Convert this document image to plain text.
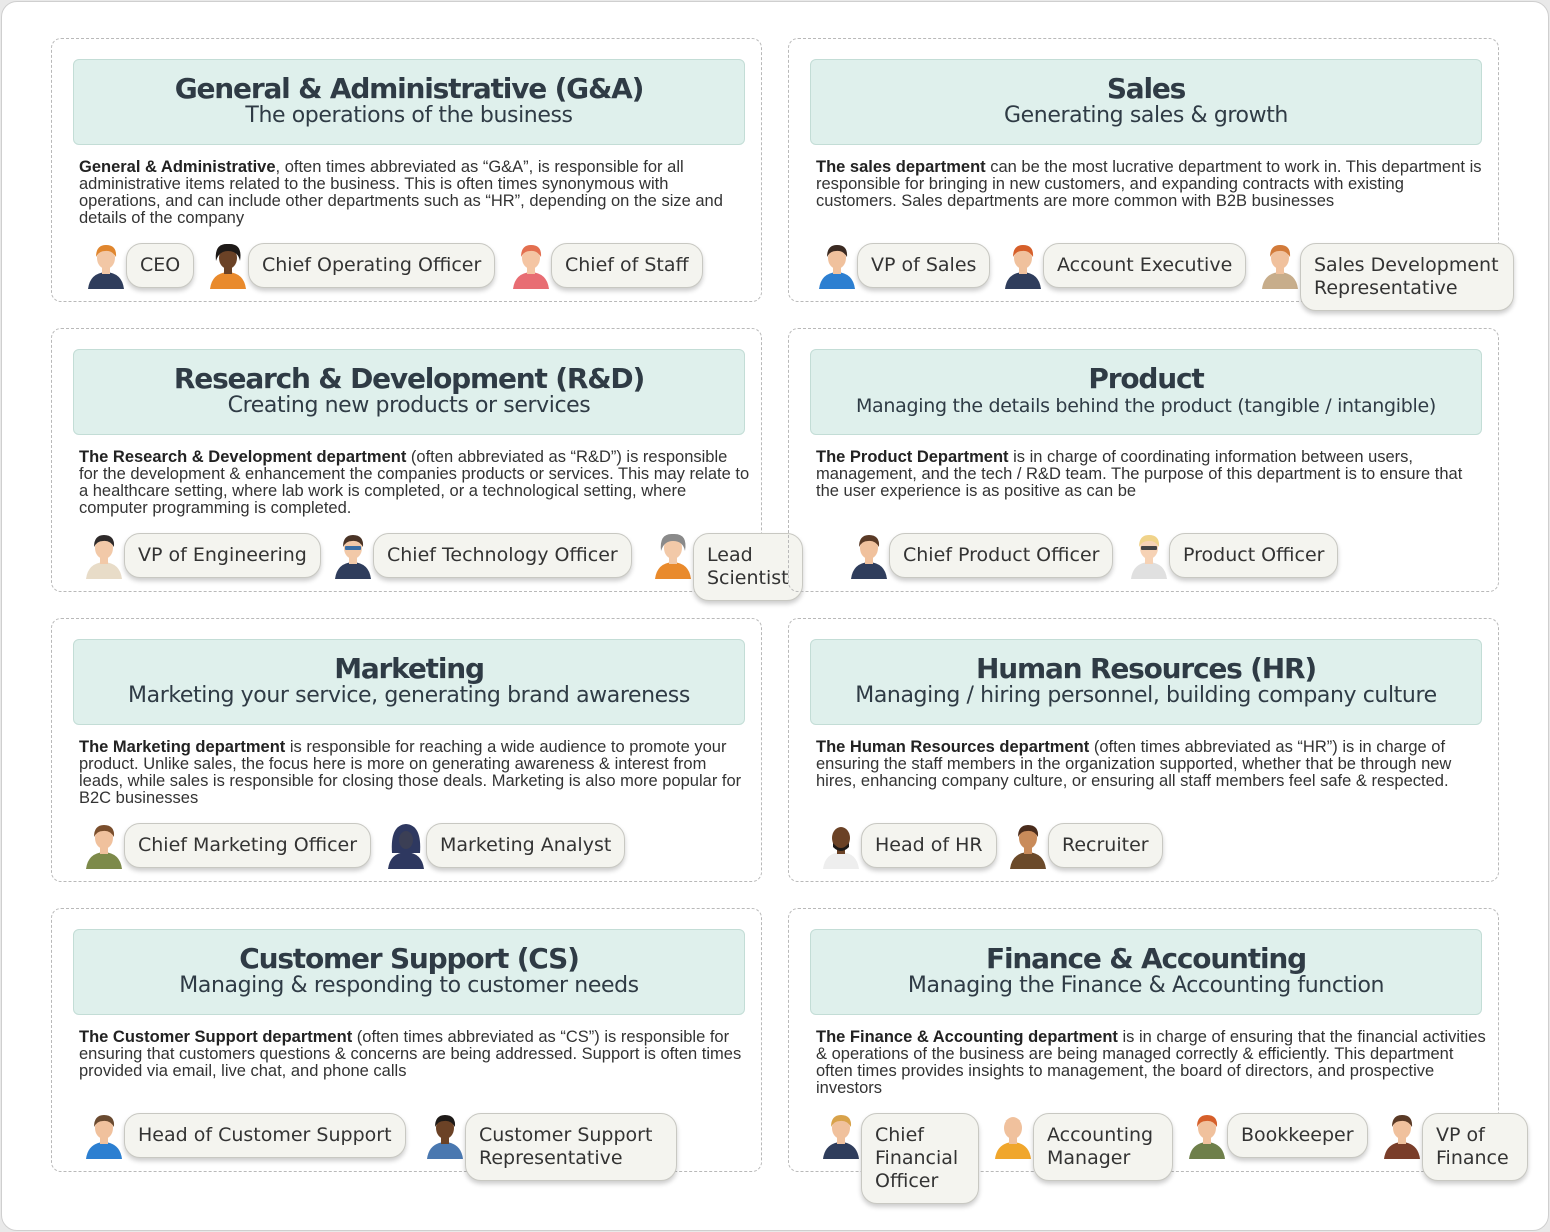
General & Administrative (G&A)
The operations of the business

General & Administrative, often times abbreviated as “G&A”, is responsible for all administrative items related to the business. This is often times synonymous with operations, and can include other departments such as “HR”, depending on the size and details of the company

CEO	Chief Operating Officer	Chief of Staff
Sales
Generating sales & growth

The sales department can be the most lucrative department to work in. This department is responsible for bringing in new customers, and expanding contracts with existing customers. Sales departments are more common with B2B businesses

VP of Sales	Account Executive	Sales Development Representative
Research & Development (R&D)
Creating new products or services

The Research & Development department (often abbreviated as “R&D”) is responsible for the development & enhancement the companies products or services. This may relate to a healthcare setting, where lab work is completed, or a technological setting, where computer programming is completed.

VP of Engineering	Chief Technology Officer	Lead Scientist
Product
Managing the details behind the product (tangible / intangible)

The Product Department is in charge of coordinating information between users, management, and the tech / R&D team. The purpose of this department is to ensure that the user experience is as positive as can be

Chief Product Officer	Product Officer
Marketing
Marketing your service, generating brand awareness

The Marketing department is responsible for reaching a wide audience to promote your product. Unlike sales, the focus here is more on generating awareness & interest from leads, while sales is responsible for closing those deals. Marketing is also more popular for B2C businesses

Chief Marketing Officer	Marketing Analyst
Human Resources (HR)
Managing / hiring personnel, building company culture

The Human Resources department (often times abbreviated as “HR”) is in charge of ensuring the staff members in the organization supported, whether that be through new hires, enhancing company culture, or ensuring all staff members feel safe & respected.

Head of HR	Recruiter
Customer Support (CS)
Managing & responding to customer needs

The Customer Support department (often times abbreviated as “CS”) is responsible for ensuring that customers questions & concerns are being addressed. Support is often times provided via email, live chat, and phone calls

Head of Customer Support	Customer Support Representative
Finance & Accounting
Managing the Finance & Accounting function

The Finance & Accounting department is in charge of ensuring that the financial activities & operations of the business are being managed correctly & efficiently. This department often times provides insights to management, the board of directors, and prospective investors

Chief Financial Officer
Accounting Manager
Bookkeeper	VP of Finance
